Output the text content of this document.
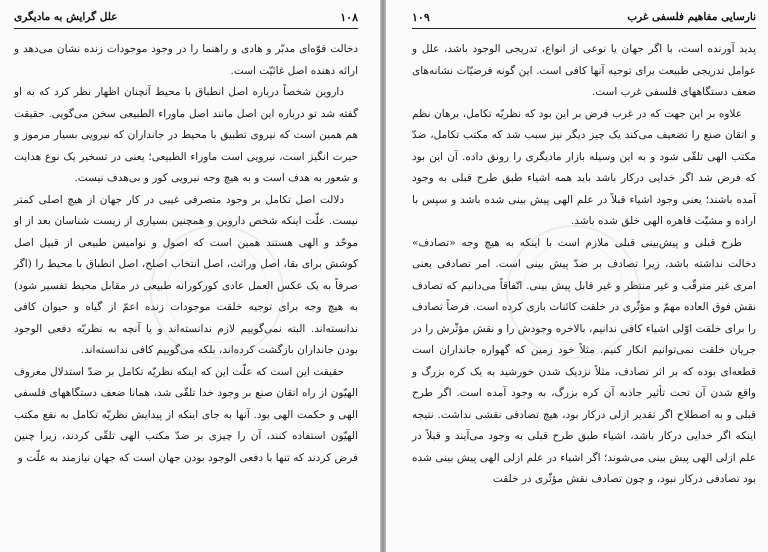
علل گرایش به مادیگری	۱۰۸

دخالت قوّه‌ای مدبّر و هادی و راهنما را در وجود موجودات زنده نشان می‌دهد و ارائه دهنده اصل غائیّت است.

داروین شخصاً درباره اصل انطباق با محیط آنچنان اظهار نظر کرد که به او گفته شد تو درباره این اصل مانند اصل ماوراء الطبیعی سخن می‌گویی. حقیقت هم همین است که نیروی تطبیق با محیط در جانداران که نیرویی بسیار مرموز و حیرت انگیز است، نیرویی است ماوراء الطبیعی؛ یعنی در تسخیر یک نوع هدایت و شعور به هدف است و به هیچ وجه نیرویی کور و بی‌هدف نیست.

دلالت اصل تکامل بر وجود متصرفی غیبی در کار جهان از هیچ اصلی کمتر نیست. علّت اینکه شخص داروین و همچنین بسیاری از زیست شناسان بعد از او موحّد و الهی هستند همین است که اصول و نوامیس طبیعی از قبیل اصل کوشش برای بقا، اصل وراثت، اصل انتخاب اصلح، اصل انطباق با محیط را (اگر صرفاً به یک عکس العمل عادی کورکورانه طبیعی در مقابل محیط تفسیر شود) به هیچ وجه برای توجیه خلقت موجودات زنده اعمّ از گیاه و حیوان کافی ندانسته‌اند. البته نمی‌گوییم لازم ندانسته‌اند و یا آنچه به نظریّه دفعی الوجود بودن جانداران بازگشت کرده‌اند، بلکه می‌گوییم کافی ندانسته‌اند.

حقیقت این است که علّت این که اینکه نظریّه تکامل بر ضدّ استدلال معروف الهیّون از راه اتقان صنع بر وجود خدا تلقّی شد، همانا ضعف دستگاههای فلسفی الهی و حکمت الهی بود. آنها به جای اینکه از پیدایش نظریّه تکامل به نفع مکتب الهیّون استفاده کنند، آن را چیزی بر ضدّ مکتب الهی تلقّی کردند، زیرا چنین فرض کردند که تنها با دفعی الوجود بودن جهان است که جهان نیازمند به علّت و

۱۰۹	نارسایی مفاهیم فلسفی غرب

پدید آورنده است، با اگر جهان یا نوعی از انواع، تدریجی الوجود باشد، علل و عوامل تدریجی طبیعت برای توجیه آنها کافی است. این گونه فرضیّات نشانه‌های ضعف دستگاههای فلسفی غرب است.

علاوه بر این جهت که در غرب فرض بر این بود که نظریّه تکامل، برهان نظم و اتقان صنع را تضعیف می‌کند یک چیز دیگر نیز سبب شد که مکتب تکامل، ضدّ مکتب الهی تلقّی شود و به این وسیله بازار مادیگری را رونق داده. آن این بود که فرض شد اگر خدایی درکار باشد باید همه اشیاء طبق طرح قبلی به وجود آمده باشند؛ یعنی وجود اشیاء قبلاً در علم الهی پیش بینی شده باشد و سپس با اراده و مشیّت قاهره الهی خلق شده باشد.

طرح قبلی و پیش‌بینی قبلی ملازم است با اینکه به هیچ وجه «تصادف» دخالت نداشته باشد، زیرا تصادف بر ضدّ پیش بینی است. امر تصادفی یعنی امری غیر مترقّب و غیر منتظر و غیر قابل پیش بینی. اتّفاقاً می‌دانیم که تصادف نقش فوق العاده مهمّ و مؤثّری در خلقت کائنات بازی کرده است. فرضاً تصادف را برای خلقت اوّلی اشیاء کافی ندانیم، بالاخره وجودش را و نقش مؤثّرش را در جریان خلقت نمی‌توانیم انکار کنیم. مثلاً خود زمین که گهواره جانداران است قطعه‌ای بوده که بر اثر تصادف، مثلاً نزدیک شدن خورشید به یک کره بزرگ و واقع شدن آن تحت تأثیر جاذبه آن کره بزرگ، به وجود آمده است. اگر طرح قبلی و به اصطلاح اگر تقدیر ازلی درکار بود، هیچ تصادفی نقشی نداشت. نتیجه اینکه اگر خدایی درکار باشد، اشیاء طبق طرح قبلی به وجود می‌آیند و قبلاً در علم ازلی الهی پیش بینی می‌شوند؛ اگر اشیاء در علم ازلی الهی پیش بینی شده بود تصادفی درکار نبود، و چون تصادف نقش مؤثّری در خلقت
